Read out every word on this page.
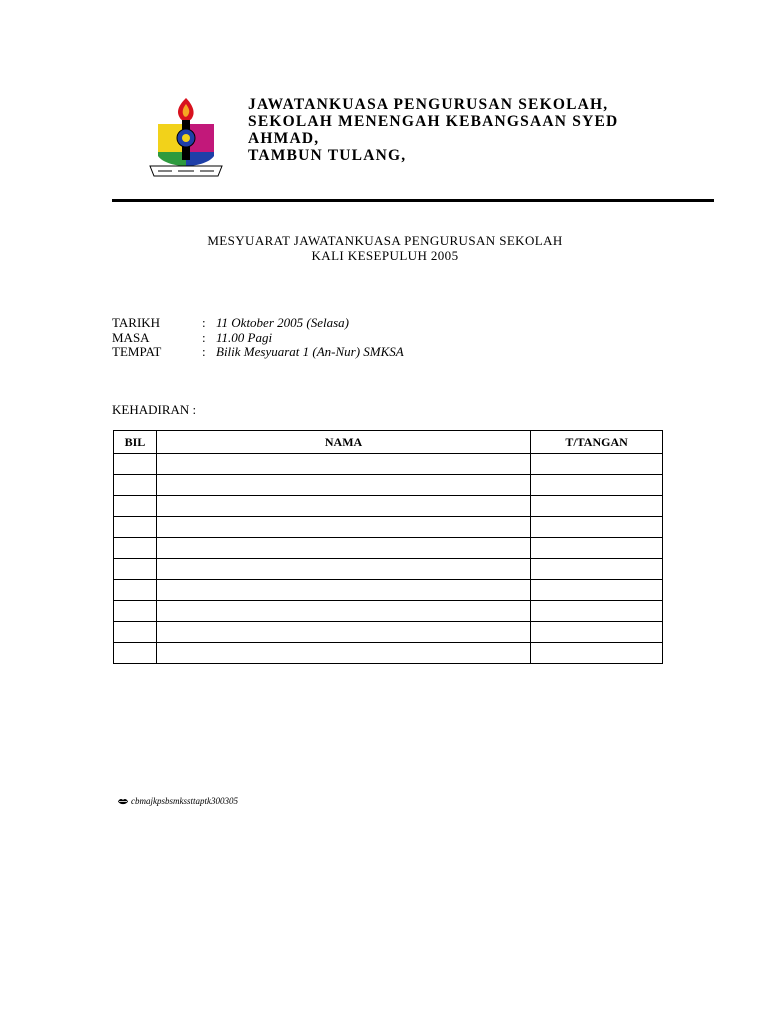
JAWATANKUASA PENGURUSAN SEKOLAH,
SEKOLAH MENENGAH KEBANGSAAN SYED
AHMAD,
TAMBUN TULANG,
MESYUARAT JAWATANKUASA PENGURUSAN SEKOLAH
KALI KESEPULUH 2005
TARIKH	: 11 Oktober 2005 (Selasa)
MASA	: 11.00 Pagi
TEMPAT	: Bilik Mesyuarat 1 (An-Nur) SMKSA
KEHADIRAN :
BIL	NAMA	T/TANGAN

cbmajkpsbsmkssttaptk300305
